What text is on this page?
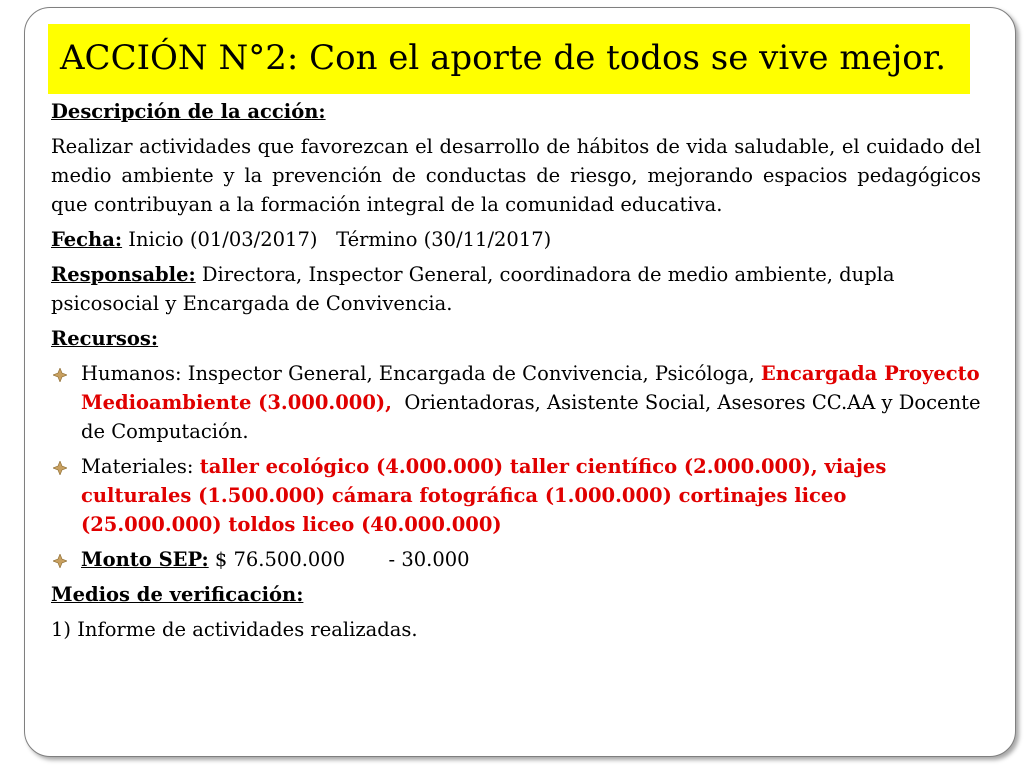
ACCIÓN N°2: Con el aporte de todos se vive mejor.

Descripción de la acción:

Realizar actividades que favorezcan el desarrollo de hábitos de vida saludable, el cuidado del medio ambiente y la prevención de conductas de riesgo, mejorando espacios pedagógicos que contribuyan a la formación integral de la comunidad educativa.

Fecha: Inicio (01/03/2017)   Término (30/11/2017)

Responsable: Directora, Inspector General, coordinadora de medio ambiente, dupla psicosocial y Encargada de Convivencia.

Recursos:

Humanos: Inspector General, Encargada de Convivencia, Psicóloga, Encargada Proyecto Medioambiente (3.000.000),  Orientadoras, Asistente Social, Asesores CC.AA y Docente de Computación.
Materiales: taller ecológico (4.000.000) taller científico (2.000.000), viajes culturales (1.500.000) cámara fotográfica (1.000.000) cortinajes liceo (25.000.000) toldos liceo (40.000.000)
Monto SEP: $ 76.500.000       - 30.000

Medios de verificación:

1) Informe de actividades realizadas.
